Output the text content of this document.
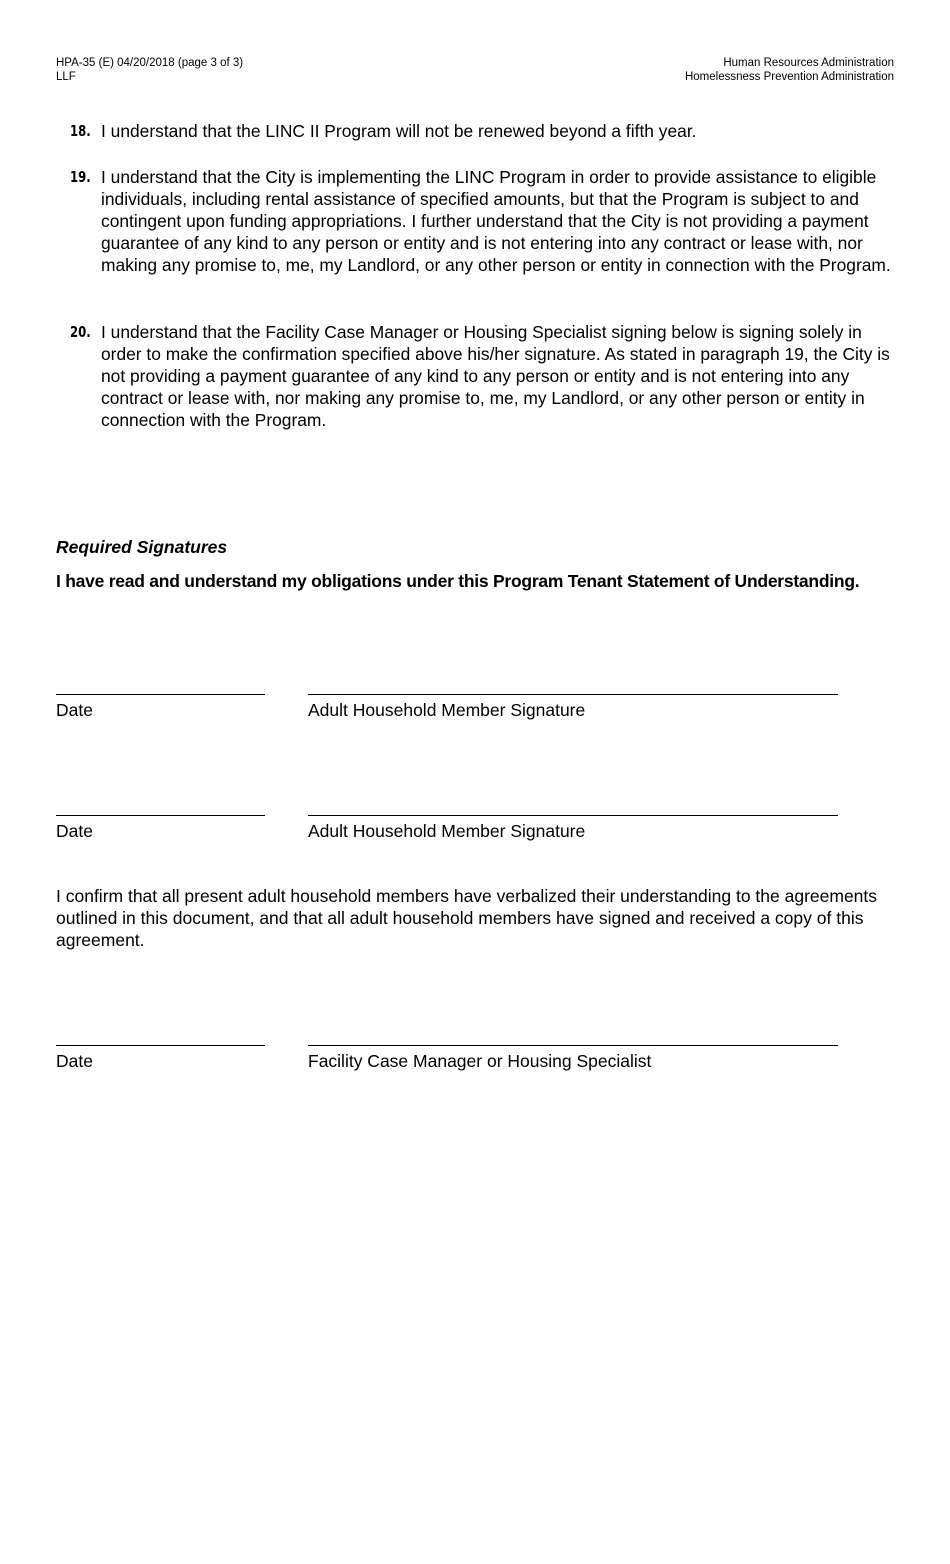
HPA-35 (E) 04/20/2018 (page 3 of 3)
LLF
Human Resources Administration
Homelessness Prevention Administration
18. I understand that the LINC II Program will not be renewed beyond a fifth year.
19. I understand that the City is implementing the LINC Program in order to provide assistance to eligible individuals, including rental assistance of specified amounts, but that the Program is subject to and contingent upon funding appropriations. I further understand that the City is not providing a payment guarantee of any kind to any person or entity and is not entering into any contract or lease with, nor making any promise to, me, my Landlord, or any other person or entity in connection with the Program.
20. I understand that the Facility Case Manager or Housing Specialist signing below is signing solely in order to make the confirmation specified above his/her signature. As stated in paragraph 19, the City is not providing a payment guarantee of any kind to any person or entity and is not entering into any contract or lease with, nor making any promise to, me, my Landlord, or any other person or entity in connection with the Program.
Required Signatures
I have read and understand my obligations under this Program Tenant Statement of Understanding.
Date	Adult Household Member Signature
Date	Adult Household Member Signature
I confirm that all present adult household members have verbalized their understanding to the agreements outlined in this document, and that all adult household members have signed and received a copy of this agreement.
Date	Facility Case Manager or Housing Specialist
